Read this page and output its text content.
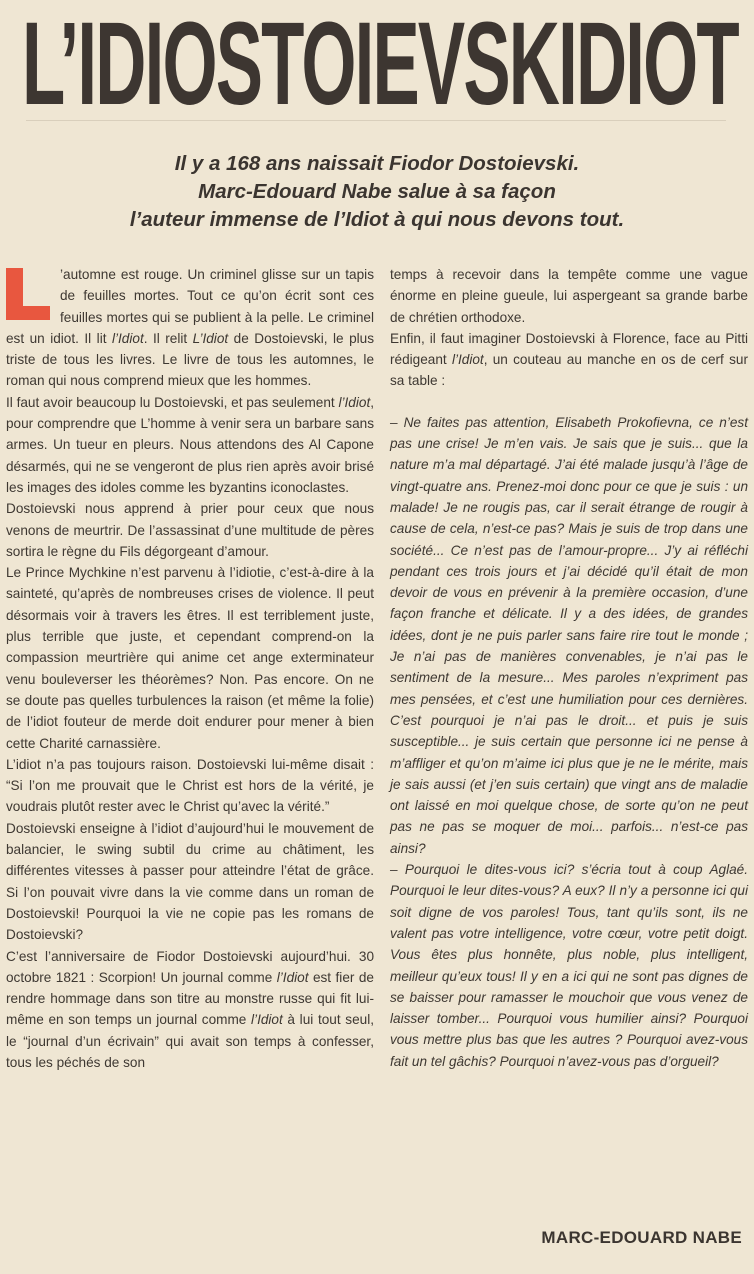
L’IDIOSTOIEVSKIDIOT
Il y a 168 ans naissait Fiodor Dostoievski.
Marc-Edouard Nabe salue à sa façon
l’auteur immense de l’Idiot à qui nous devons tout.

’automne est rouge. Un criminel glisse sur un tapis de feuilles mortes. Tout ce qu’on écrit sont ces feuilles mortes qui se publient à la pelle. Le criminel est un idiot. Il lit l’Idiot. Il relit L’Idiot de Dostoievski, le plus triste de tous les livres. Le livre de tous les automnes, le roman qui nous comprend mieux que les hommes.

Il faut avoir beaucoup lu Dostoievski, et pas seulement l’Idiot, pour comprendre que L’homme à venir sera un barbare sans armes. Un tueur en pleurs. Nous attendons des Al Capone désarmés, qui ne se vengeront de plus rien après avoir brisé les images des idoles comme les byzantins iconoclastes.

Dostoievski nous apprend à prier pour ceux que nous venons de meurtrir. De l’assassinat d’une multitude de pères sortira le règne du Fils dégorgeant d’amour.

Le Prince Mychkine n’est parvenu à l’idiotie, c’est-à-dire à la sainteté, qu’après de nombreuses crises de violence. Il peut désormais voir à travers les êtres. Il est terriblement juste, plus terrible que juste, et cependant comprend-on la compassion meurtrière qui anime cet ange exterminateur venu bouleverser les théorèmes? Non. Pas encore. On ne se doute pas quelles turbulences la raison (et même la folie) de l’idiot fouteur de merde doit endurer pour mener à bien cette Charité carnassière.

L’idiot n’a pas toujours raison. Dostoievski lui-même disait : “Si l’on me prouvait que le Christ est hors de la vérité, je voudrais plutôt rester avec le Christ qu’avec la vérité.”

Dostoievski enseigne à l’idiot d’aujourd’hui le mouvement de balancier, le swing subtil du crime au châtiment, les différentes vitesses à passer pour atteindre l’état de grâce. Si l’on pouvait vivre dans la vie comme dans un roman de Dostoievski! Pourquoi la vie ne copie pas les romans de Dostoievski?

C’est l’anniversaire de Fiodor Dostoievski aujourd’hui. 30 octobre 1821 : Scorpion! Un journal comme l’Idiot est fier de rendre hommage dans son titre au monstre russe qui fit lui-même en son temps un journal comme l’Idiot à lui tout seul, le “journal d’un écrivain” qui avait son temps à confesser, tous les péchés de son

temps à recevoir dans la tempête comme une vague énorme en pleine gueule, lui aspergeant sa grande barbe de chrétien orthodoxe.

Enfin, il faut imaginer Dostoievski à Florence, face au Pitti rédigeant l’Idiot, un couteau au manche en os de cerf sur sa table :

– Ne faites pas attention, Elisabeth Prokofievna, ce n’est pas une crise! Je m’en vais. Je sais que je suis... que la nature m’a mal départagé. J’ai été malade jusqu’à l’âge de vingt-quatre ans. Prenez-moi donc pour ce que je suis : un malade! Je ne rougis pas, car il serait étrange de rougir à cause de cela, n’est-ce pas? Mais je suis de trop dans une société... Ce n’est pas de l’amour-propre... J’y ai réfléchi pendant ces trois jours et j’ai décidé qu’il était de mon devoir de vous en prévenir à la première occasion, d’une façon franche et délicate. Il y a des idées, de grandes idées, dont je ne puis parler sans faire rire tout le monde ; Je n’ai pas de manières convenables, je n’ai pas le sentiment de la mesure... Mes paroles n’expriment pas mes pensées, et c’est une humiliation pour ces dernières. C’est pourquoi je n’ai pas le droit... et puis je suis susceptible... je suis certain que personne ici ne pense à m’affliger et qu’on m’aime ici plus que je ne le mérite, mais je sais aussi (et j’en suis certain) que vingt ans de maladie ont laissé en moi quelque chose, de sorte qu’on ne peut pas ne pas se moquer de moi... parfois... n’est-ce pas ainsi?

– Pourquoi le dites-vous ici? s’écria tout à coup Aglaé. Pourquoi le leur dites-vous? A eux? Il n’y a personne ici qui soit digne de vos paroles! Tous, tant qu’ils sont, ils ne valent pas votre intelligence, votre cœur, votre petit doigt. Vous êtes plus honnête, plus noble, plus intelligent, meilleur qu’eux tous! Il y en a ici qui ne sont pas dignes de se baisser pour ramasser le mouchoir que vous venez de laisser tomber... Pourquoi vous humilier ainsi? Pourquoi vous mettre plus bas que les autres ? Pourquoi avez-vous fait un tel gâchis? Pourquoi n’avez-vous pas d’orgueil?

MARC-EDOUARD NABE
